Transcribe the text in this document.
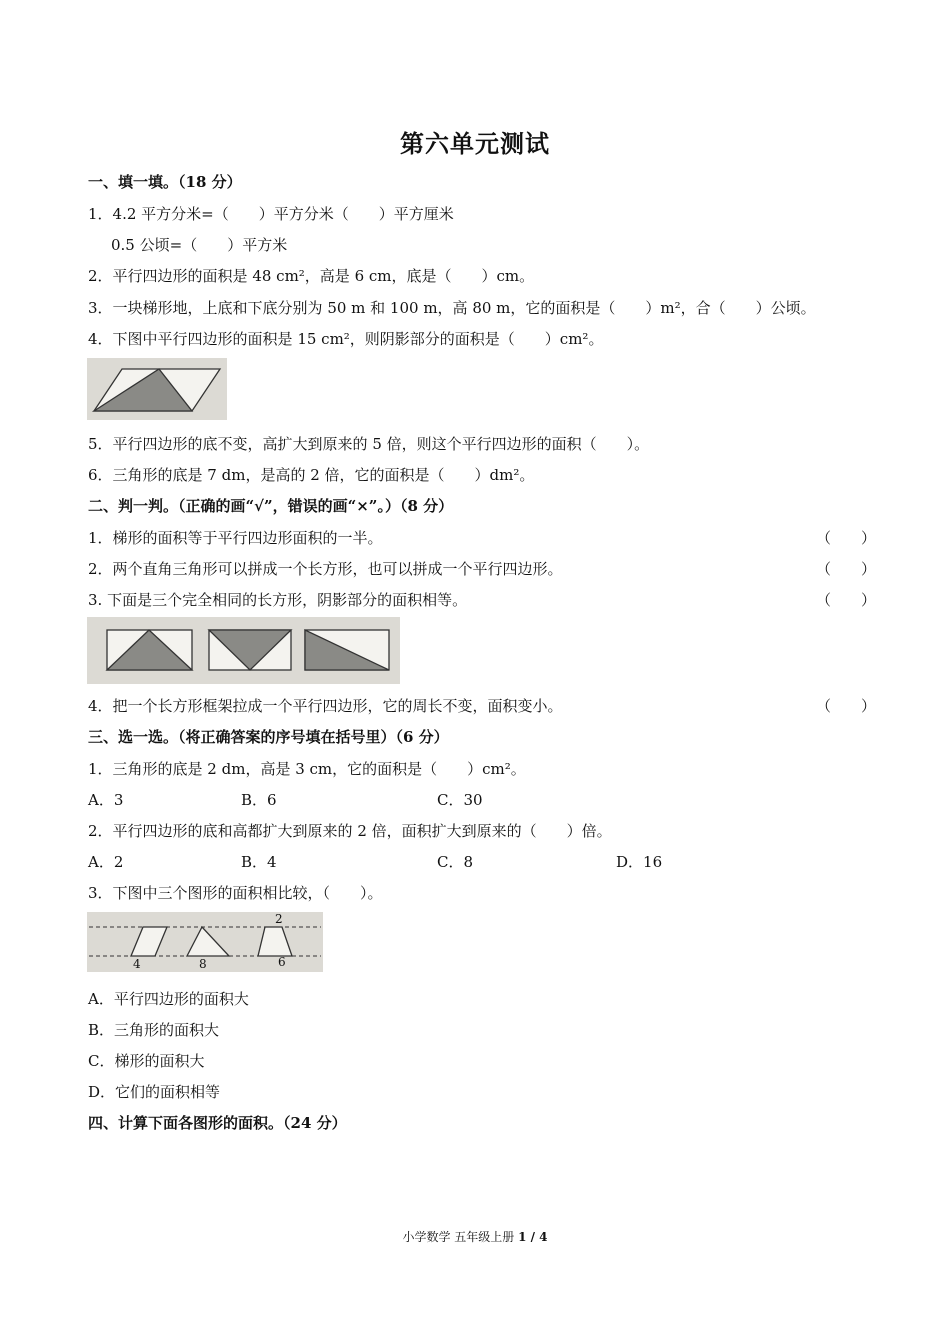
第六单元测试
一、填一填。（18 分）
1．4.2 平方分米=（　　）平方分米（　　）平方厘米
0.5 公顷=（　　）平方米
2．平行四边形的面积是 48 cm²，高是 6 cm，底是（　　）cm。
3．一块梯形地，上底和下底分别为 50 m 和 100 m，高 80 m，它的面积是（　　）m²，合（　　）公顷。
4．下图中平行四边形的面积是 15 cm²，则阴影部分的面积是（　　）cm²。
5．平行四边形的底不变，高扩大到原来的 5 倍，则这个平行四边形的面积（　　）。
6．三角形的底是 7 dm，是高的 2 倍，它的面积是（　　）dm²。
二、判一判。（正确的画“√”，错误的画“×”。）（8 分）
1．梯形的面积等于平行四边形面积的一半。	（　　）
2．两个直角三角形可以拼成一个长方形，也可以拼成一个平行四边形。	（　　）
3. 下面是三个完全相同的长方形，阴影部分的面积相等。	（　　）
4．把一个长方形框架拉成一个平行四边形，它的周长不变，面积变小。	（　　）
三、选一选。（将正确答案的序号填在括号里）（6 分）
1．三角形的底是 2 dm，高是 3 cm，它的面积是（　　）cm²。
A．3	B．6	C．30
2．平行四边形的底和高都扩大到原来的 2 倍，面积扩大到原来的（　　）倍。
A．2	B．4	C．8	D．16
3．下图中三个图形的面积相比较，（　　）。
4	8
2
6
A．平行四边形的面积大
B．三角形的面积大
C．梯形的面积大
D．它们的面积相等
四、计算下面各图形的面积。（24 分）
小学数学 五年级上册 1 / 4
